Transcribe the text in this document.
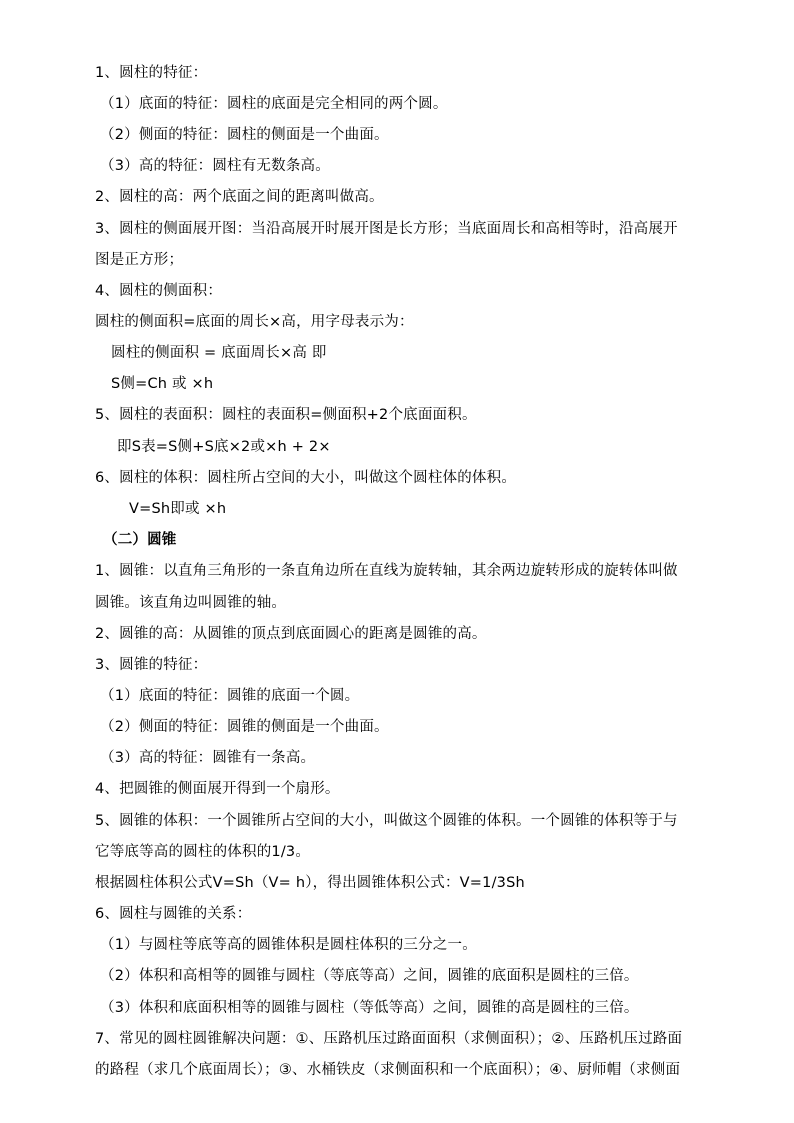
1、圆柱的特征：
（1）底面的特征：圆柱的底面是完全相同的两个圆。
（2）侧面的特征：圆柱的侧面是一个曲面。
（3）高的特征：圆柱有无数条高。
2、圆柱的高：两个底面之间的距离叫做高。
3、圆柱的侧面展开图：当沿高展开时展开图是长方形；当底面周长和高相等时，沿高展开
图是正方形；
4、圆柱的侧面积：
圆柱的侧面积=底面的周长×高，用字母表示为：
圆柱的侧面积 = 底面周长×高 即
S侧=Ch 或 ×h
5、圆柱的表面积：圆柱的表面积=侧面积+2个底面面积。
即S表=S侧+S底×2或×h + 2×
6、圆柱的体积：圆柱所占空间的大小，叫做这个圆柱体的体积。
V=Sh即或 ×h
（二）圆锥
1、圆锥：以直角三角形的一条直角边所在直线为旋转轴，其余两边旋转形成的旋转体叫做
圆锥。该直角边叫圆锥的轴。
2、圆锥的高：从圆锥的顶点到底面圆心的距离是圆锥的高。
3、圆锥的特征：
（1）底面的特征：圆锥的底面一个圆。
（2）侧面的特征：圆锥的侧面是一个曲面。
（3）高的特征：圆锥有一条高。
4、把圆锥的侧面展开得到一个扇形。
5、圆锥的体积：一个圆锥所占空间的大小，叫做这个圆锥的体积。一个圆锥的体积等于与
它等底等高的圆柱的体积的1/3。
根据圆柱体积公式V=Sh（V= h），得出圆锥体积公式：V=1/3Sh
6、圆柱与圆锥的关系：
（1）与圆柱等底等高的圆锥体积是圆柱体积的三分之一。
（2）体积和高相等的圆锥与圆柱（等底等高）之间，圆锥的底面积是圆柱的三倍。
（3）体积和底面积相等的圆锥与圆柱（等低等高）之间，圆锥的高是圆柱的三倍。
7、常见的圆柱圆锥解决问题：①、压路机压过路面面积（求侧面积）；②、压路机压过路面
的路程（求几个底面周长）；③、水桶铁皮（求侧面积和一个底面积）；④、厨师帽（求侧面
